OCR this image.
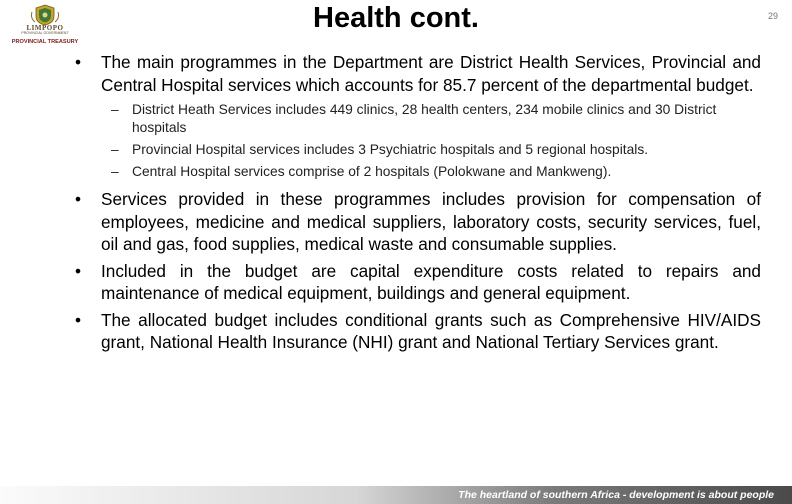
LIMPOPO
PROVINCIAL GOVERNMENT
PROVINCIAL TREASURY
Health cont.	29
• The main programmes in the Department are District Health Services, Provincial and Central Hospital services which accounts for 85.7 percent of the departmental budget.
– District Heath Services includes 449 clinics, 28 health centers, 234 mobile clinics and 30 District hospitals
– Provincial Hospital services includes 3 Psychiatric hospitals and 5 regional hospitals.
– Central Hospital services comprise of 2 hospitals (Polokwane and Mankweng).
• Services provided in these programmes includes provision for compensation of employees, medicine and medical suppliers, laboratory costs, security services, fuel, oil and gas, food supplies, medical waste and consumable supplies.
• Included in the budget are capital expenditure costs related to repairs and maintenance of medical equipment, buildings and general equipment.
• The allocated budget includes conditional grants such as Comprehensive HIV/AIDS grant, National Health Insurance (NHI) grant and National Tertiary Services grant.
The heartland of southern Africa - development is about people
